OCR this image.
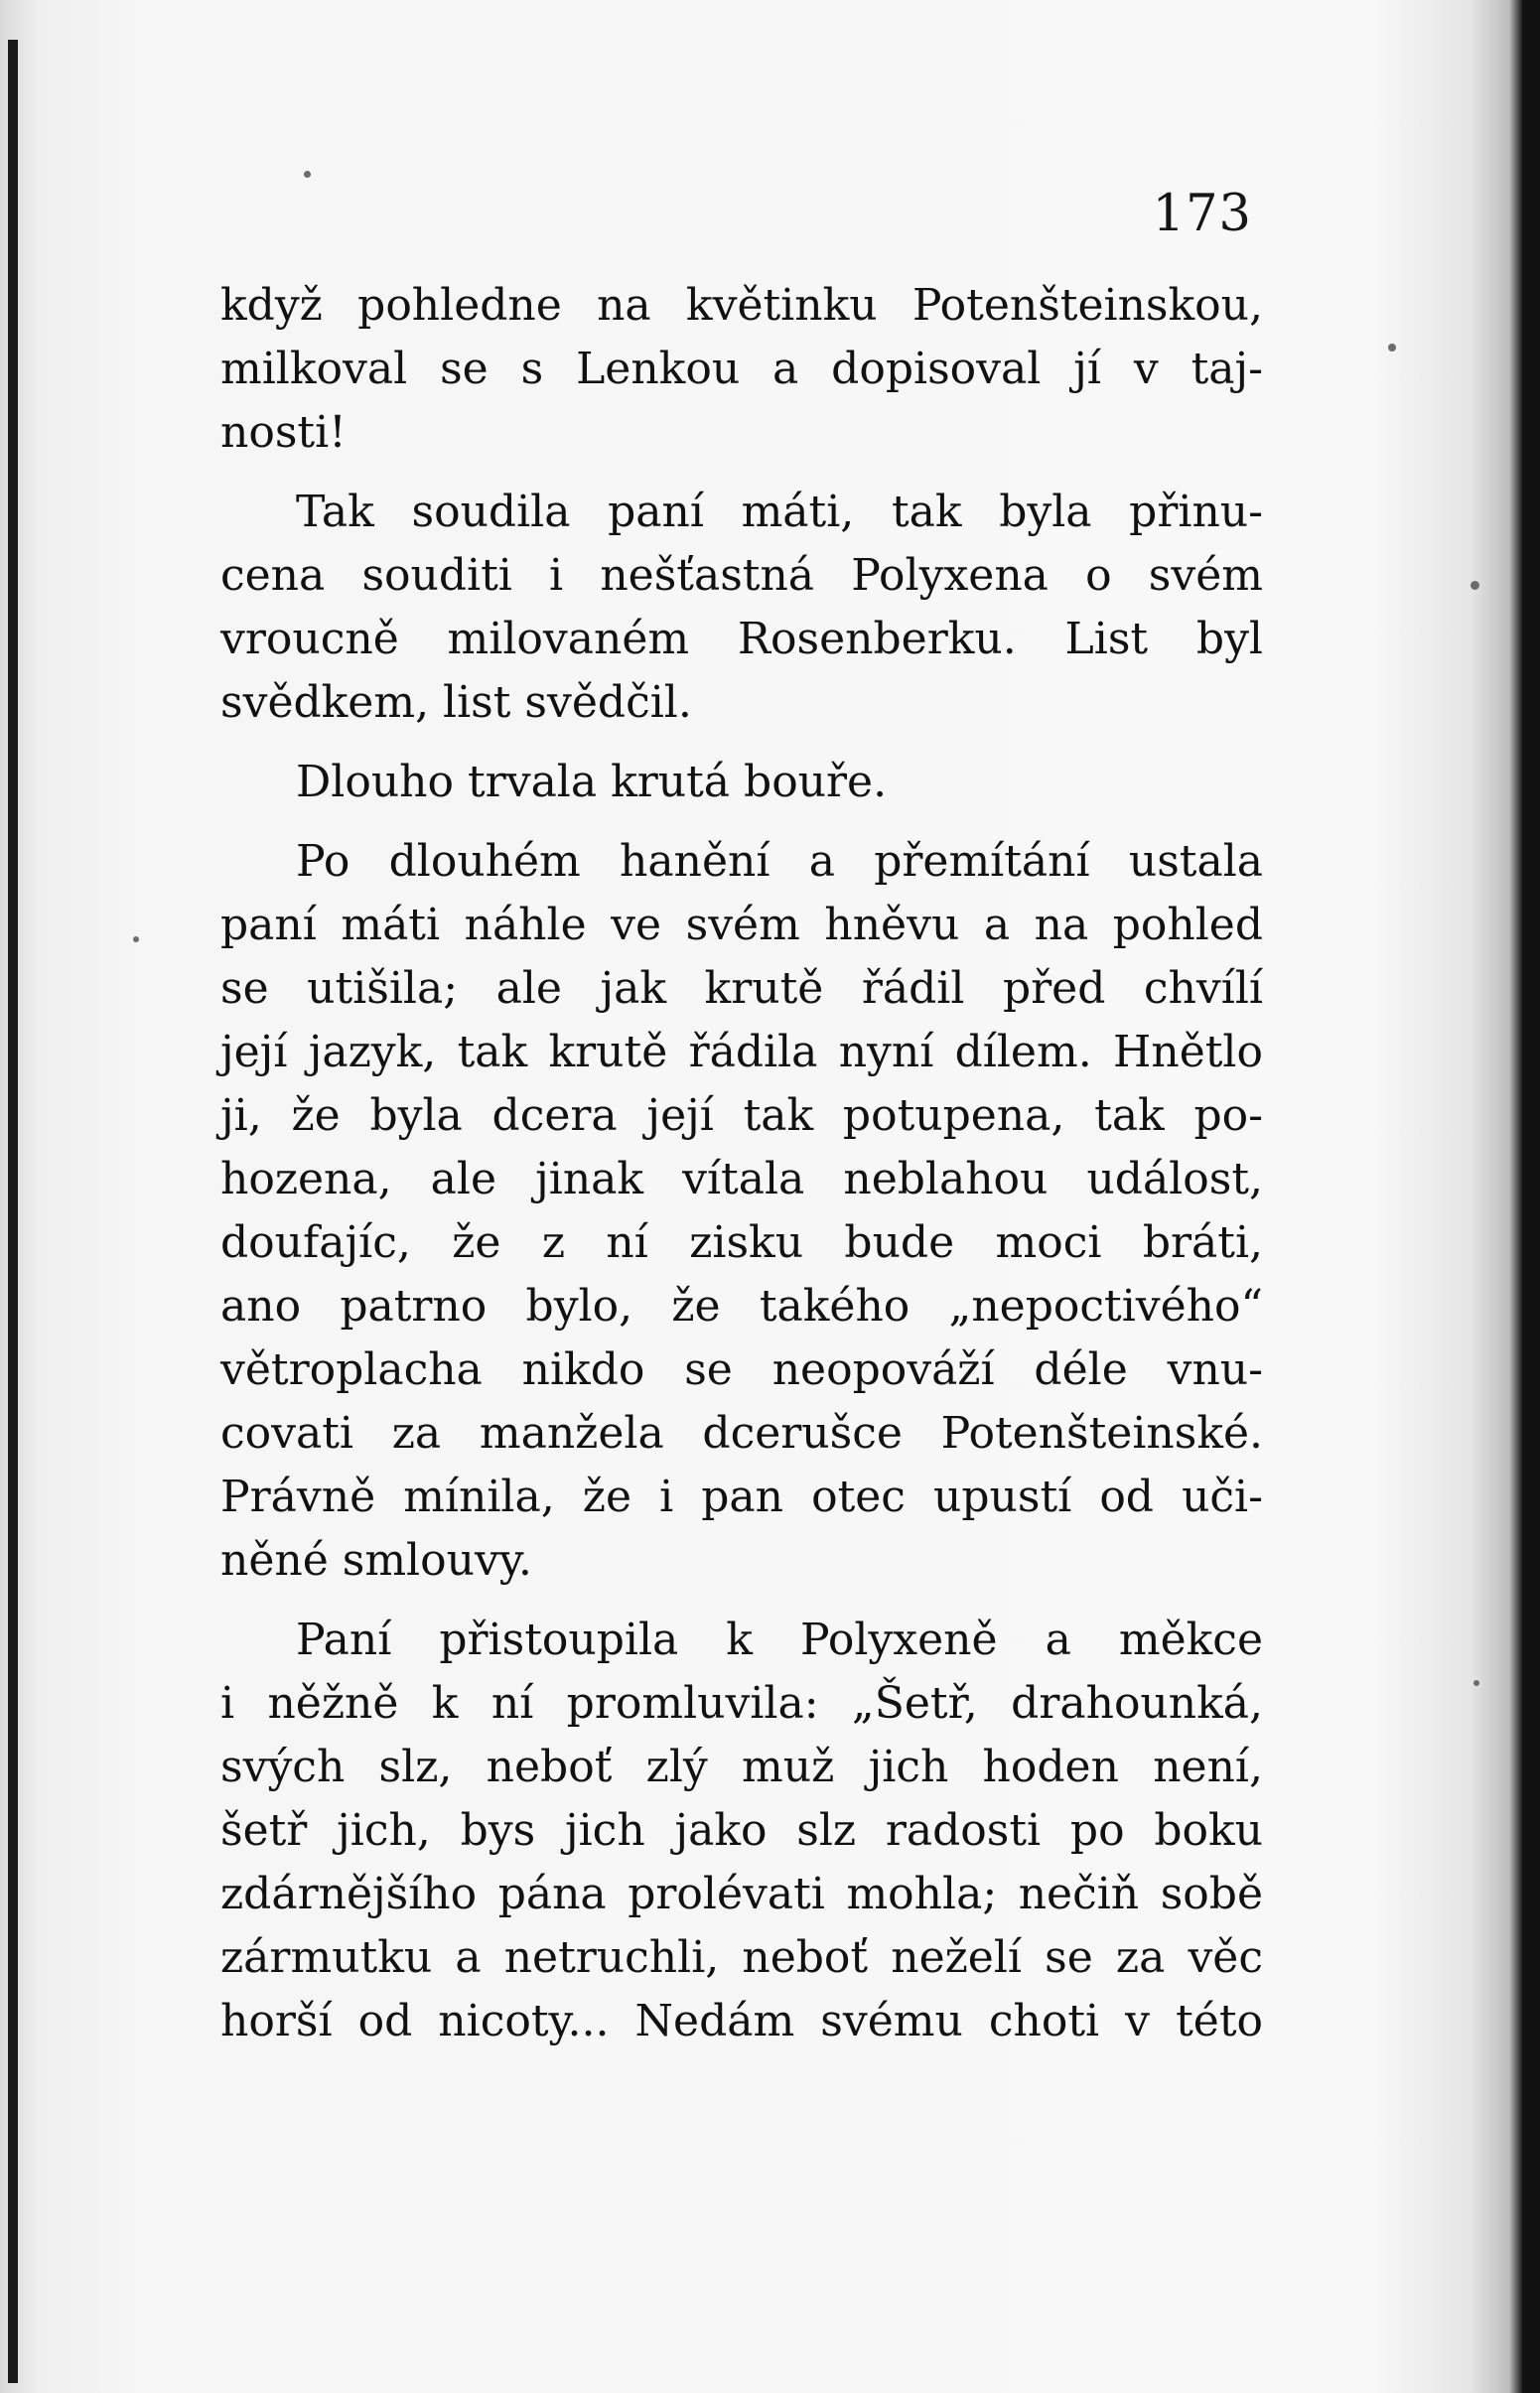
173
když pohledne na květinku Potenšteinskou,
milkoval se s Lenkou a dopisoval jí v taj-
nosti!
Tak soudila paní máti, tak byla přinu-
cena souditi i nešťastná Polyxena o svém
vroucně milovaném Rosenberku. List byl
svědkem, list svědčil.
Dlouho trvala krutá bouře.
Po dlouhém hanění a přemítání ustala
paní máti náhle ve svém hněvu a na pohled
se utišila; ale jak krutě řádil před chvílí
její jazyk, tak krutě řádila nyní dílem. Hnětlo
ji, že byla dcera její tak potupena, tak po-
hozena, ale jinak vítala neblahou událost,
doufajíc, že z ní zisku bude moci bráti,
ano patrno bylo, že takého „nepoctivého“
větroplacha nikdo se neopováží déle vnu-
covati za manžela dcerušce Potenšteinské.
Právně mínila, že i pan otec upustí od uči-
něné smlouvy.
Paní přistoupila k Polyxeně a měkce
i něžně k ní promluvila: „Šetř, drahounká,
svých slz, neboť zlý muž jich hoden není,
šetř jich, bys jich jako slz radosti po boku
zdárnějšího pána prolévati mohla; nečiň sobě
zármutku a netruchli, neboť neželí se za věc
horší od nicoty... Nedám svému choti v této
